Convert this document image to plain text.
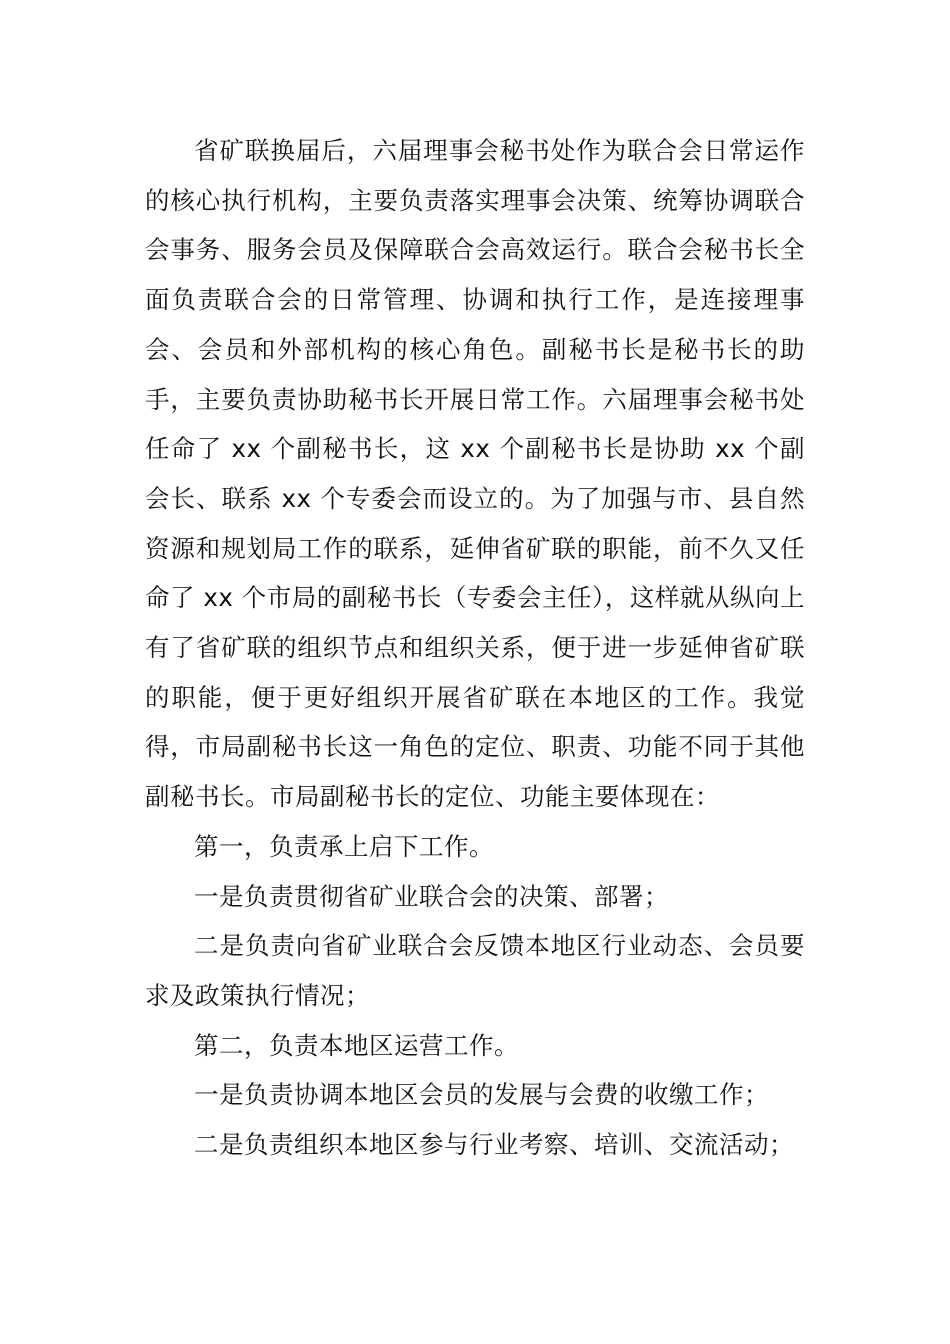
省矿联换届后，六届理事会秘书处作为联合会日常运作的核心执行机构，主要负责落实理事会决策、统筹协调联合会事务、服务会员及保障联合会高效运行。联合会秘书长全面负责联合会的日常管理、协调和执行工作，是连接理事会、会员和外部机构的核心角色。副秘书长是秘书长的助手，主要负责协助秘书长开展日常工作。六届理事会秘书处任命了 xx 个副秘书长，这 xx 个副秘书长是协助 xx 个副会长、联系 xx 个专委会而设立的。为了加强与市、县自然资源和规划局工作的联系，延伸省矿联的职能，前不久又任命了 xx 个市局的副秘书长（专委会主任），这样就从纵向上有了省矿联的组织节点和组织关系，便于进一步延伸省矿联的职能，便于更好组织开展省矿联在本地区的工作。我觉得，市局副秘书长这一角色的定位、职责、功能不同于其他副秘书长。市局副秘书长的定位、功能主要体现在：

第一，负责承上启下工作。

一是负责贯彻省矿业联合会的决策、部署；

二是负责向省矿业联合会反馈本地区行业动态、会员要求及政策执行情况；

第二，负责本地区运营工作。

一是负责协调本地区会员的发展与会费的收缴工作；

二是负责组织本地区参与行业考察、培训、交流活动；
